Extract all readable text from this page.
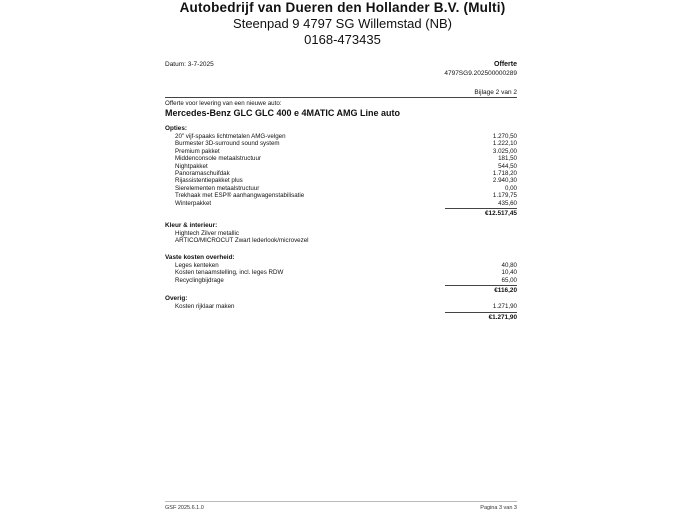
Autobedrijf van Dueren den Hollander B.V. (Multi)
Steenpad 9 4797 SG Willemstad (NB)
0168-473435
Datum: 3-7-2025	Offerte
4797SG9.202500000289
Bijlage 2 van 2
Offerte voor levering van een nieuwe auto:
Mercedes-Benz GLC GLC 400 e 4MATIC AMG Line auto
Opties:
20" vijf-spaaks lichtmetalen AMG-velgen	1.270,50
Burmester 3D-surround sound system	1.222,10
Premium pakket	3.025,00
Middenconsole metaalstructuur	181,50
Nightpakket	544,50
Panoramaschuifdak	1.718,20
Rijassistentiepakket plus	2.940,30
Sierelementen metaalstructuur	0,00
Trekhaak met ESP® aanhangwagenstabilisatie	1.179,75
Winterpakket	435,60
€12.517,45
Kleur & interieur:
Hightech Zilver metallic
ARTICO/MICROCUT Zwart lederlook/microvezel
Vaste kosten overheid:
Leges kenteken	40,80
Kosten tenaamstelling, incl. leges RDW	10,40
Recyclingbijdrage	65,00
€116,20
Overig:
Kosten rijklaar maken	1.271,90
€1.271,90
GSF 2025.6.1.0	Pagina 3 van 3
